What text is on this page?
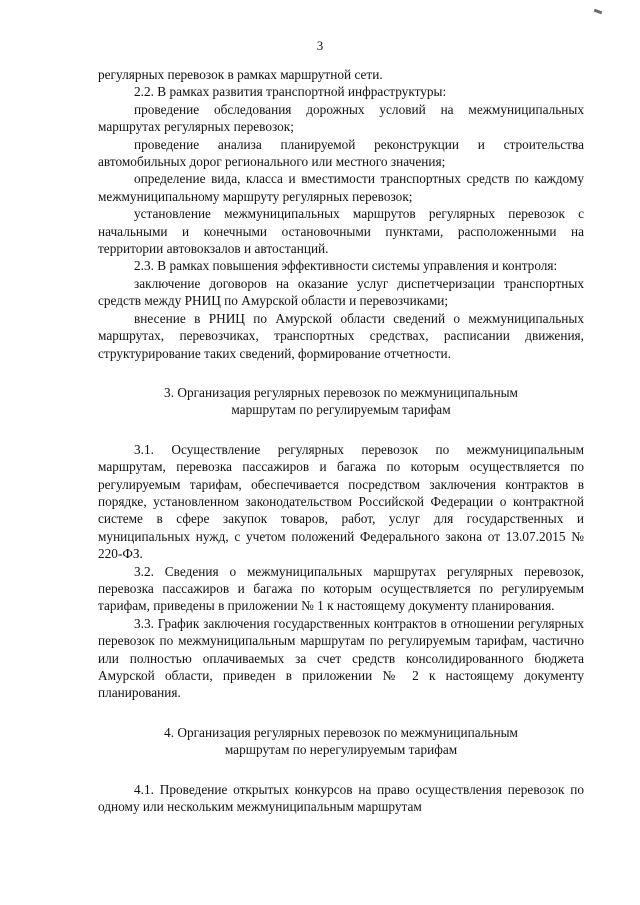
3

регулярных перевозок в рамках маршрутной сети.

2.2. В рамках развития транспортной инфраструктуры:

проведение обследования дорожных условий на межмуниципальных маршрутах регулярных перевозок;

проведение анализа планируемой реконструкции и строительства автомобильных дорог регионального или местного значения;

определение вида, класса и вместимости транспортных средств по каждому межмуниципальному маршруту регулярных перевозок;

установление межмуниципальных маршрутов регулярных перевозок с начальными и конечными остановочными пунктами, расположенными на территории автовокзалов и автостанций.

2.3. В рамках повышения эффективности системы управления и контроля:

заключение договоров на оказание услуг диспетчеризации транспортных средств между РНИЦ по Амурской области и перевозчиками;

внесение в РНИЦ по Амурской области сведений о межмуниципальных маршрутах, перевозчиках, транспортных средствах, расписании движения, структурирование таких сведений, формирование отчетности.

3. Организация регулярных перевозок по межмуниципальным
маршрутам по регулируемым тарифам

3.1. Осуществление регулярных перевозок по межмуниципальным маршрутам, перевозка пассажиров и багажа по которым осуществляется по регулируемым тарифам, обеспечивается посредством заключения контрактов в порядке, установленном законодательством Российской Федерации о контрактной системе в сфере закупок товаров, работ, услуг для государственных и муниципальных нужд, с учетом положений Федерального закона от 13.07.2015 № 220-ФЗ.

3.2. Сведения о межмуниципальных маршрутах регулярных перевозок, перевозка пассажиров и багажа по которым осуществляется по регулируемым тарифам, приведены в приложении № 1 к настоящему документу планирования.

3.3. График заключения государственных контрактов в отношении регулярных перевозок по межмуниципальным маршрутам по регулируемым тарифам, частично или полностью оплачиваемых за счет средств консолидированного бюджета Амурской области, приведен в приложении № 2 к настоящему документу планирования.

4. Организация регулярных перевозок по межмуниципальным
маршрутам по нерегулируемым тарифам

4.1. Проведение открытых конкурсов на право осуществления перевозок по одному или нескольким межмуниципальным маршрутам
